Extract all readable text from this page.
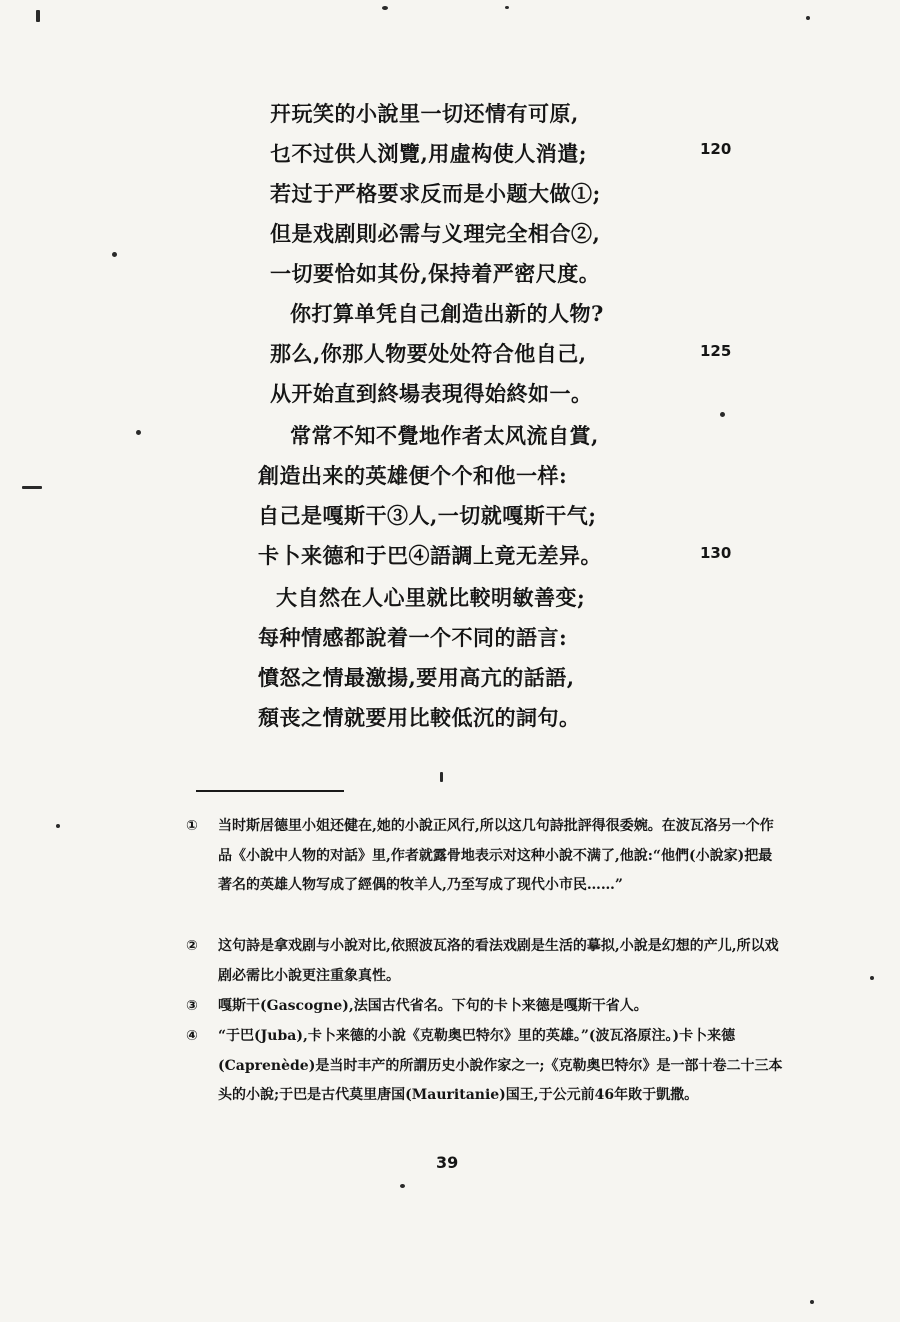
幵玩笑的小說里一切还情有可原,
乜不过供人浏覽,用虛构使人消遣;
若过于严格要求反而是小题大做①;
但是戏剧則必需与义理完全相合②,
一切要恰如其份,保持着严密尺度。
你打算单凭自己創造出新的人物?
那么,你那人物要处处符合他自己,
从开始直到終場表現得始終如一。
常常不知不覺地作者太风流自賞,
創造出来的英雄便个个和他一样:
自己是嘎斯干③人,一切就嘎斯干气;
卡卜来德和于巴④語調上竟无差异。
大自然在人心里就比較明敏善变;
每种情感都說着一个不同的語言:
憤怒之情最激揚,要用高亢的話語,
頹丧之情就要用比較低沉的詞句。
120
125
130
①	当时斯居德里小姐还健在,她的小說正风行,所以这几句詩批評得很委婉。在波瓦洛另一个作品《小說中人物的对話》里,作者就露骨地表示对这种小說不满了,他說:“他們(小說家)把最著名的英雄人物写成了經偶的牧羊人,乃至写成了现代小市民……”
②	这句詩是拿戏剧与小說对比,依照波瓦洛的看法戏剧是生活的摹拟,小說是幻想的产儿,所以戏剧必需比小說更注重象真性。
③	嘎斯干(Gascogne),法国古代省名。下句的卡卜来德是嘎斯干省人。
④	“于巴(Juba),卡卜来德的小說《克勒奥巴特尔》里的英雄。”(波瓦洛原注。)卡卜来德(Caprenède)是当时丰产的所謂历史小說作家之一;《克勒奥巴特尔》是一部十卷二十三本头的小說;于巴是古代莫里唐国(Mauritanie)国王,于公元前46年敗于凱撒。
39
